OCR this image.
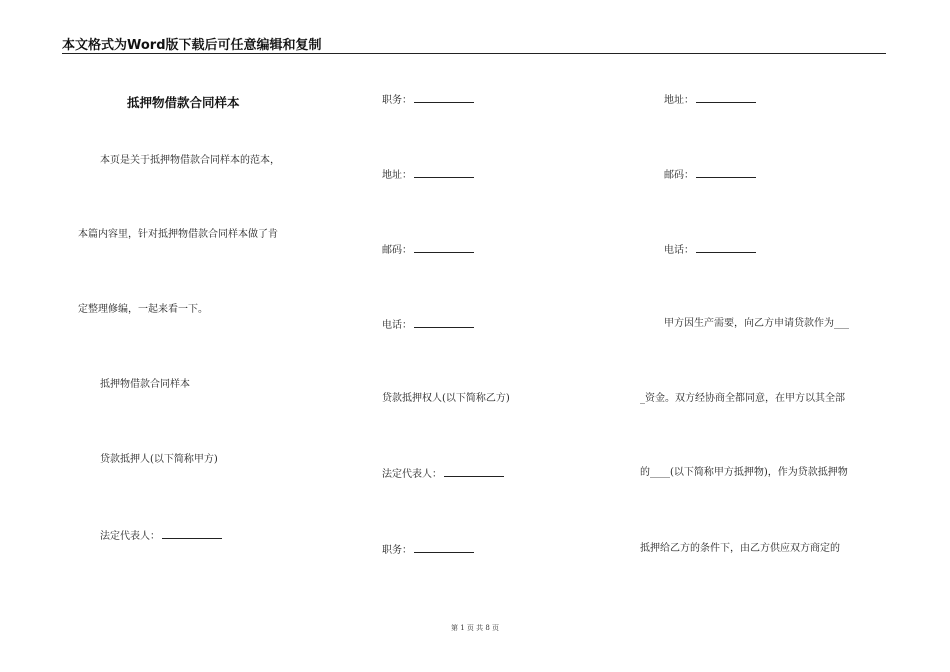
本文格式为Word版下载后可任意编辑和复制
抵押物借款合同样本
本页是关于抵押物借款合同样本的范本，
本篇内容里，针对抵押物借款合同样本做了肯
定整理修编，一起来看一下。
抵押物借款合同样本
贷款抵押人(以下简称甲方)
法定代表人：
职务：
地址：
邮码：
电话：
贷款抵押权人(以下简称乙方)
法定代表人：
职务：
地址：
邮码：
电话：
甲方因生产需要，向乙方申请贷款作为___
_资金。双方经协商全都同意，在甲方以其全部
的____(以下简称甲方抵押物)，作为贷款抵押物
抵押给乙方的条件下，由乙方供应双方商定的
第 1 页 共 8 页
